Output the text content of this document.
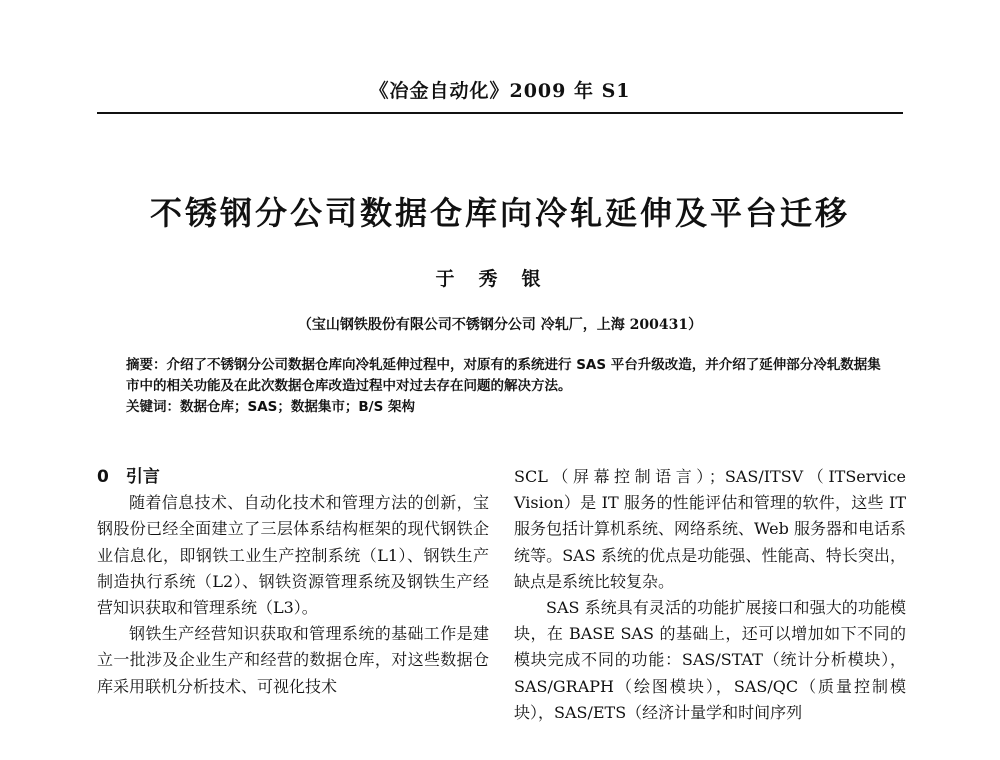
《冶金自动化》2009 年 S1
不锈钢分公司数据仓库向冷轧延伸及平台迁移
于秀银
（宝山钢铁股份有限公司不锈钢分公司 冷轧厂，上海 200431）
摘要：介绍了不锈钢分公司数据仓库向冷轧延伸过程中，对原有的系统进行 SAS 平台升级改造，并介绍了延伸部分冷轧数据集市中的相关功能及在此次数据仓库改造过程中对过去存在问题的解决方法。
关键词：数据仓库；SAS；数据集市；B/S 架构
0　引言
随着信息技术、自动化技术和管理方法的创新，宝钢股份已经全面建立了三层体系结构框架的现代钢铁企业信息化，即钢铁工业生产控制系统（L1）、钢铁生产制造执行系统（L2）、钢铁资源管理系统及钢铁生产经营知识获取和管理系统（L3）。
钢铁生产经营知识获取和管理系统的基础工作是建立一批涉及企业生产和经营的数据仓库，对这些数据仓库采用联机分析技术、可视化技术
SCL（屏幕控制语言）；SAS/ITSV（ITService Vision）是 IT 服务的性能评估和管理的软件，这些 IT 服务包括计算机系统、网络系统、Web 服务器和电话系统等。SAS 系统的优点是功能强、性能高、特长突出，缺点是系统比较复杂。
SAS 系统具有灵活的功能扩展接口和强大的功能模块，在 BASE SAS 的基础上，还可以增加如下不同的模块完成不同的功能：SAS/STAT（统计分析模块），SAS/GRAPH（绘图模块），SAS/QC（质量控制模块），SAS/ETS（经济计量学和时间序列
